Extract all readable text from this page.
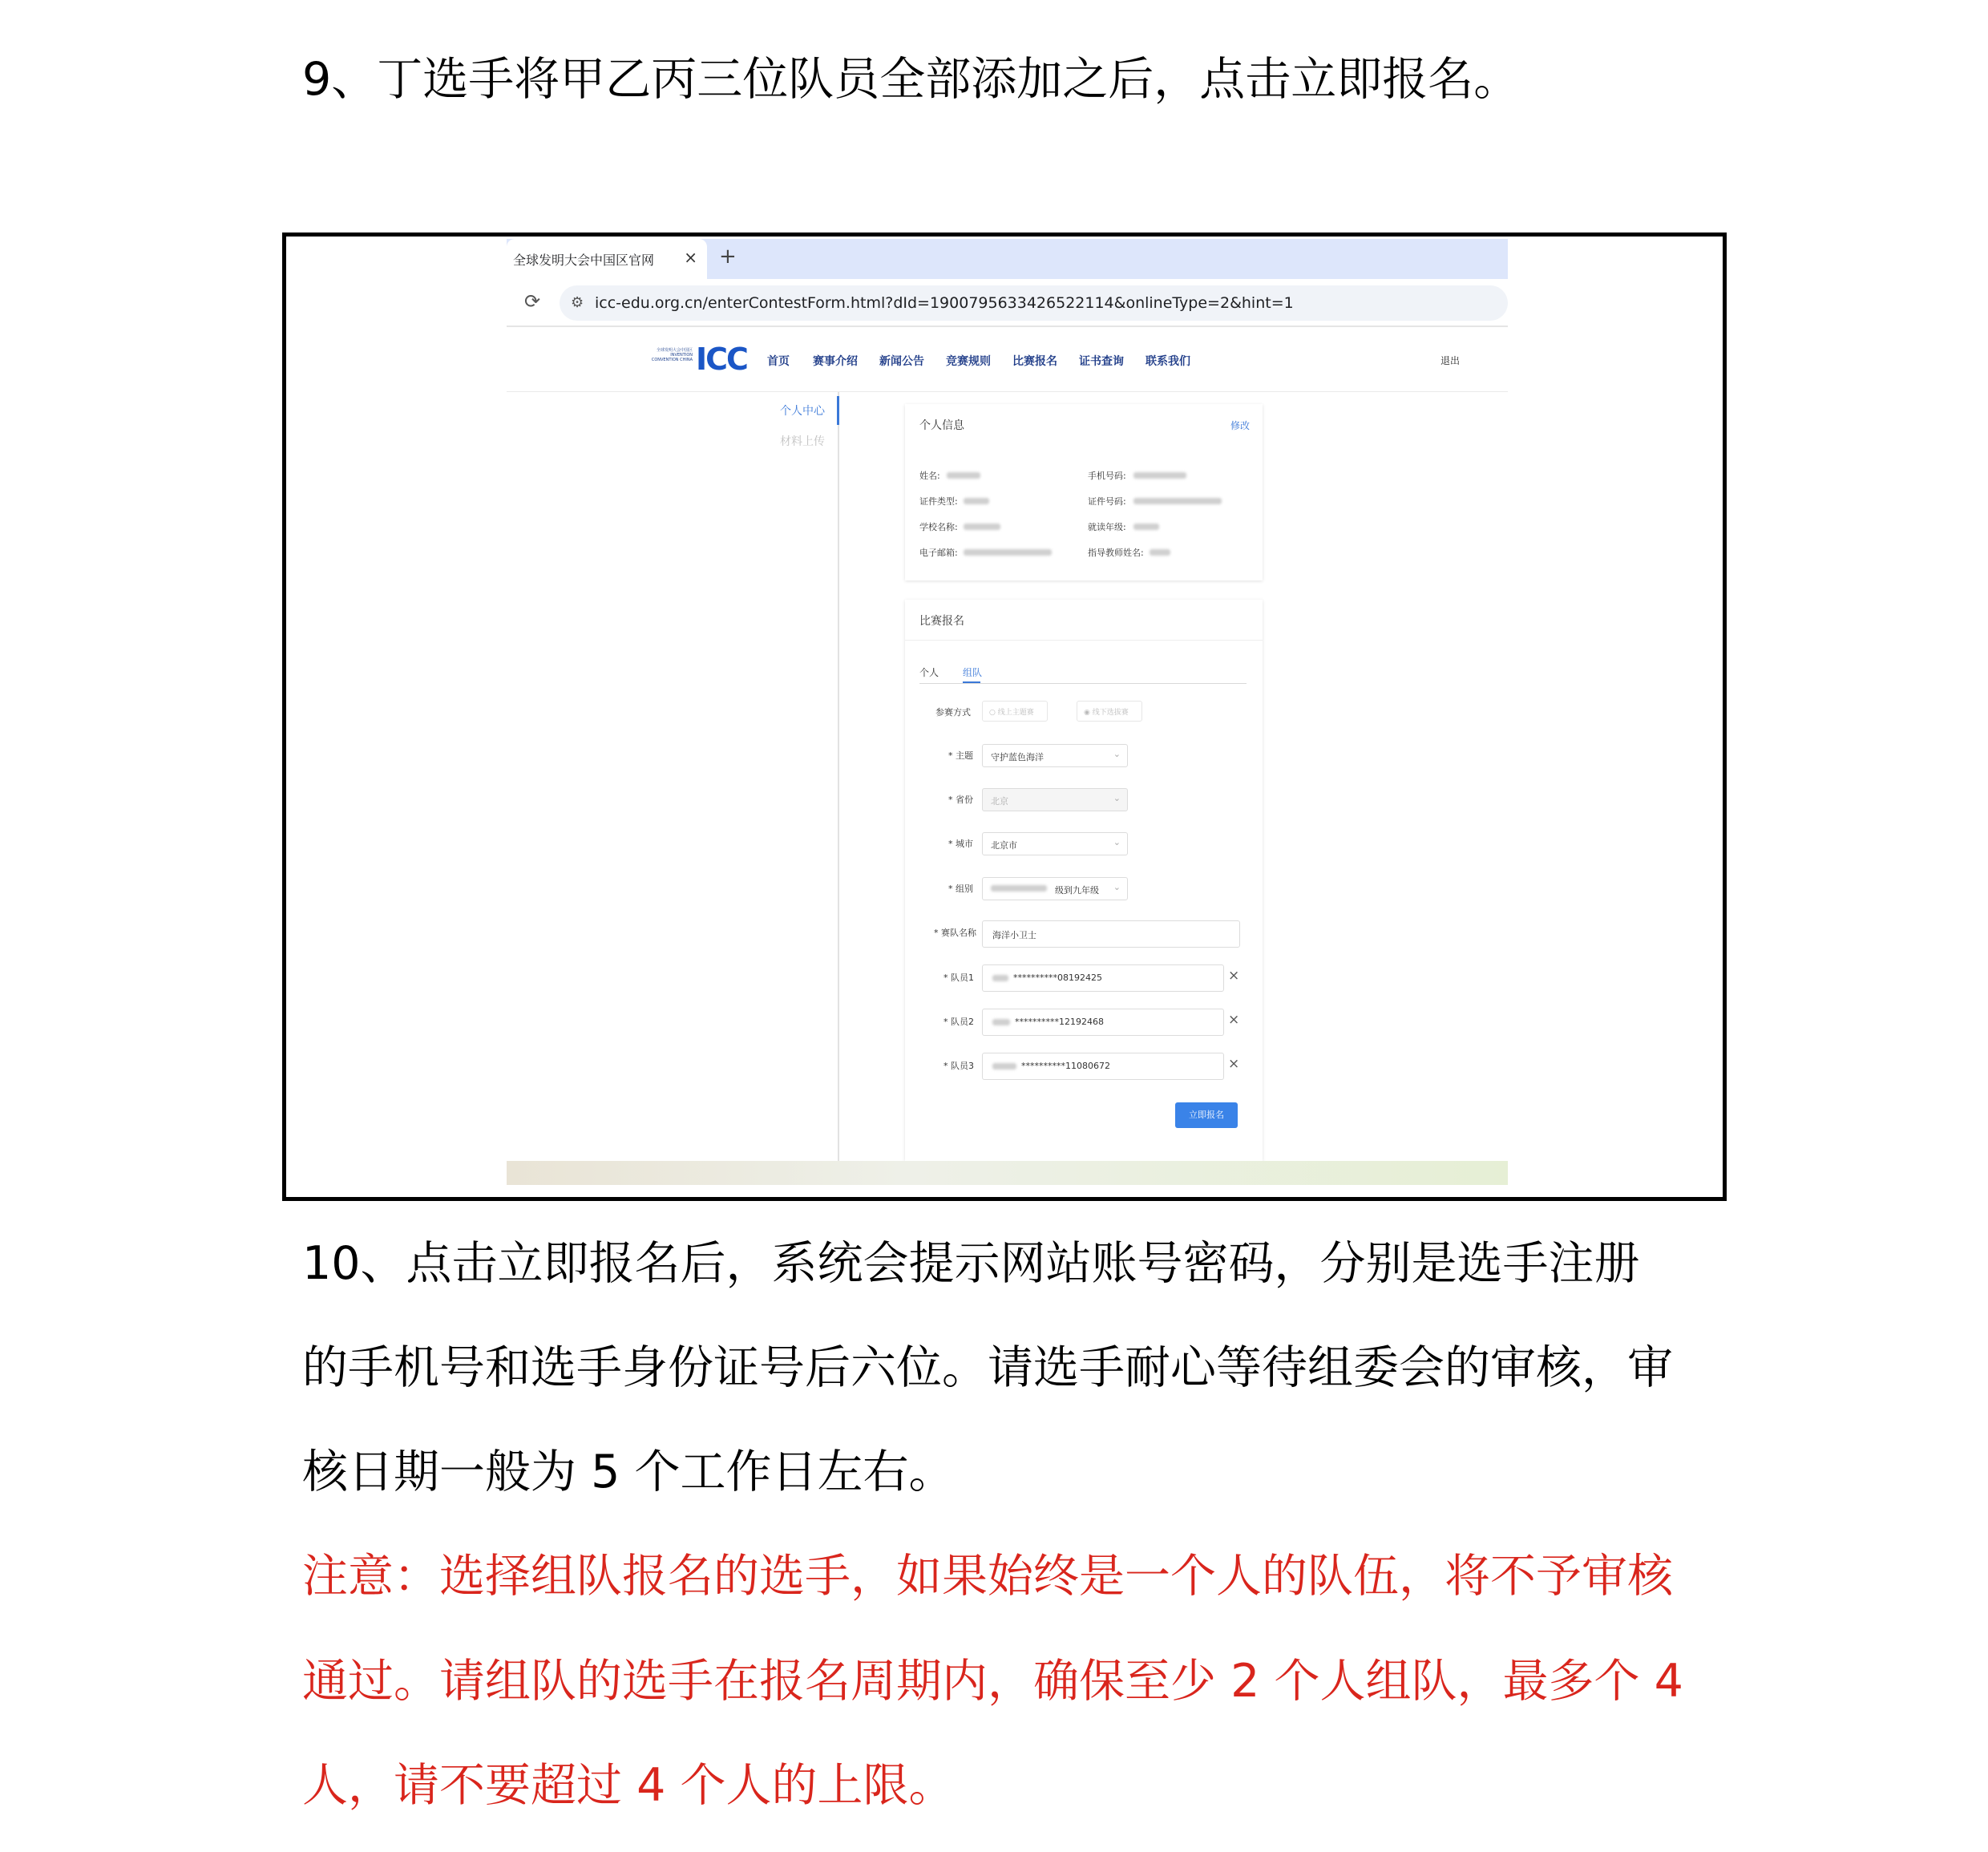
9、丁选手将甲乙丙三位队员全部添加之后，点击立即报名。

全球发明大会中国区官网 × +
⟳ ⚙ icc-edu.org.cn/enterContestForm.html?dId=1900795633426522114&onlineType=2&hint=1
全球发明大会中国区 INVENTION CONVENTION CHINA ICC 首页 赛事介绍 新闻公告 竞赛规则 比赛报名 证书查询 联系我们	退出
个人中心
材料上传
个人信息	修改
姓名:	手机号码:
证件类型:	证件号码:
学校名称:	就读年级:
电子邮箱:	指导教师姓名:
比赛报名
个人 组队
参赛方式	○ 线上主题赛	◉ 线下选拔赛
* 主题 守护蓝色海洋	⌄
* 省份 北京	⌄
* 城市 北京市	⌄
* 组别	级到九年级 ⌄
* 赛队名称 海洋小卫士
* 队员1	**********08192425	×
* 队员2	**********12192468	×
* 队员3	**********11080672	×
立即报名

10、点击立即报名后，系统会提示网站账号密码，分别是选手注册

的手机号和选手身份证号后六位。请选手耐心等待组委会的审核，审

核日期一般为 5 个工作日左右。

注意：选择组队报名的选手，如果始终是一个人的队伍，将不予审核

通过。请组队的选手在报名周期内，确保至少 2 个人组队，最多个 4

人，请不要超过 4 个人的上限。
